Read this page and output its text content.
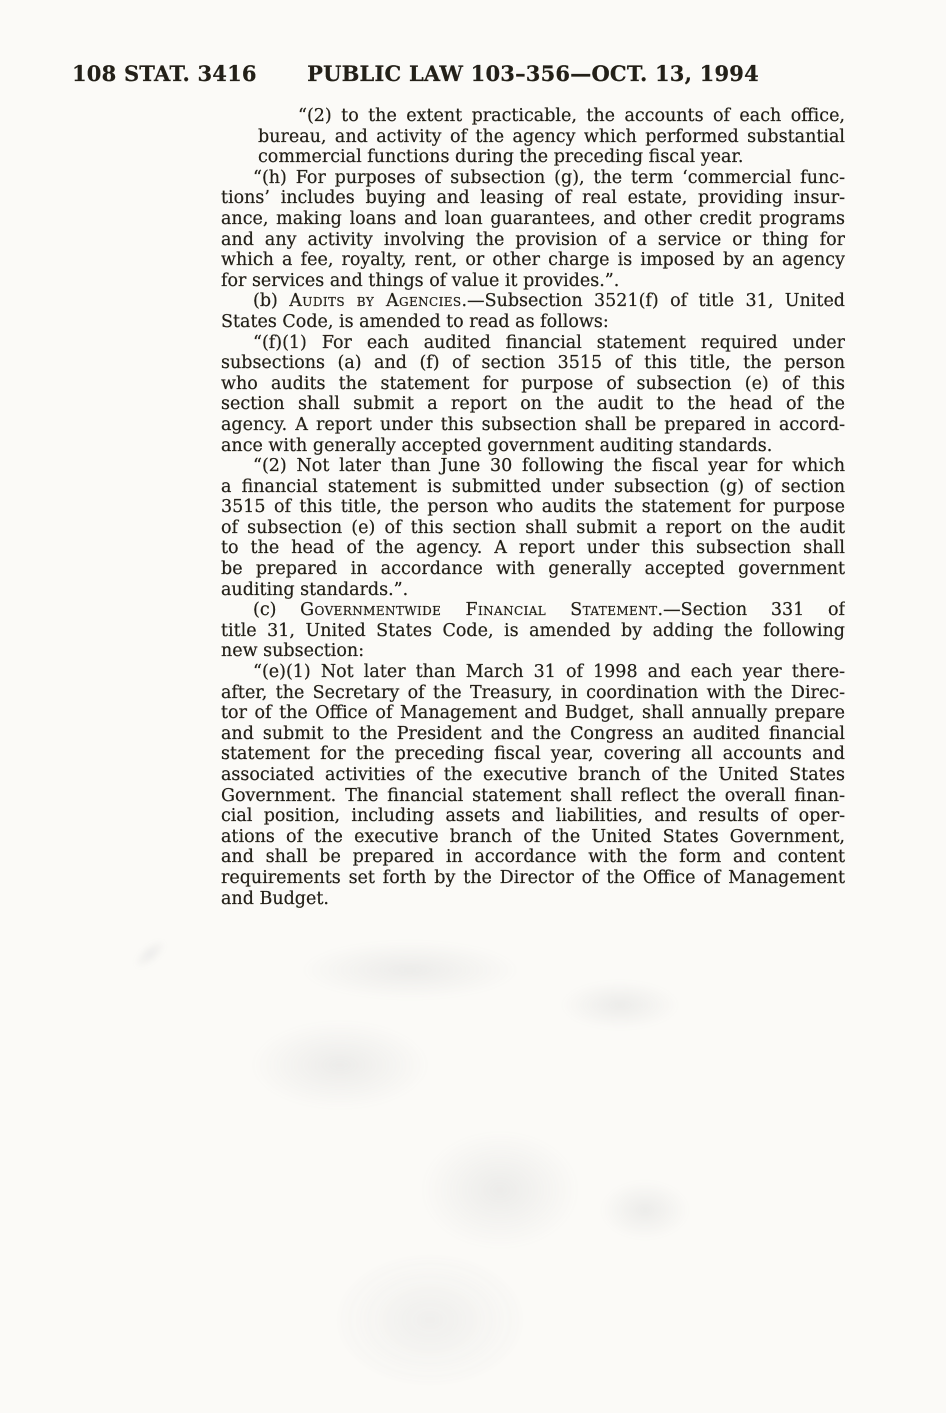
108 STAT. 3416	PUBLIC LAW 103–356—OCT. 13, 1994
“(2) to the extent practicable, the accounts of each office,
bureau, and activity of the agency which performed substantial
commercial functions during the preceding fiscal year.
“(h) For purposes of subsection (g), the term ‘commercial func-
tions’ includes buying and leasing of real estate, providing insur-
ance, making loans and loan guarantees, and other credit programs
and any activity involving the provision of a service or thing for
which a fee, royalty, rent, or other charge is imposed by an agency
for services and things of value it provides.”.
(b) Audits by Agencies.—Subsection 3521(f) of title 31, United
States Code, is amended to read as follows:
“(f)(1) For each audited financial statement required under
subsections (a) and (f) of section 3515 of this title, the person
who audits the statement for purpose of subsection (e) of this
section shall submit a report on the audit to the head of the
agency. A report under this subsection shall be prepared in accord-
ance with generally accepted government auditing standards.
“(2) Not later than June 30 following the fiscal year for which
a financial statement is submitted under subsection (g) of section
3515 of this title, the person who audits the statement for purpose
of subsection (e) of this section shall submit a report on the audit
to the head of the agency. A report under this subsection shall
be prepared in accordance with generally accepted government
auditing standards.”.
(c) Governmentwide Financial Statement.—Section 331 of
title 31, United States Code, is amended by adding the following
new subsection:
“(e)(1) Not later than March 31 of 1998 and each year there-
after, the Secretary of the Treasury, in coordination with the Direc-
tor of the Office of Management and Budget, shall annually prepare
and submit to the President and the Congress an audited financial
statement for the preceding fiscal year, covering all accounts and
associated activities of the executive branch of the United States
Government. The financial statement shall reflect the overall finan-
cial position, including assets and liabilities, and results of oper-
ations of the executive branch of the United States Government,
and shall be prepared in accordance with the form and content
requirements set forth by the Director of the Office of Management
and Budget.
